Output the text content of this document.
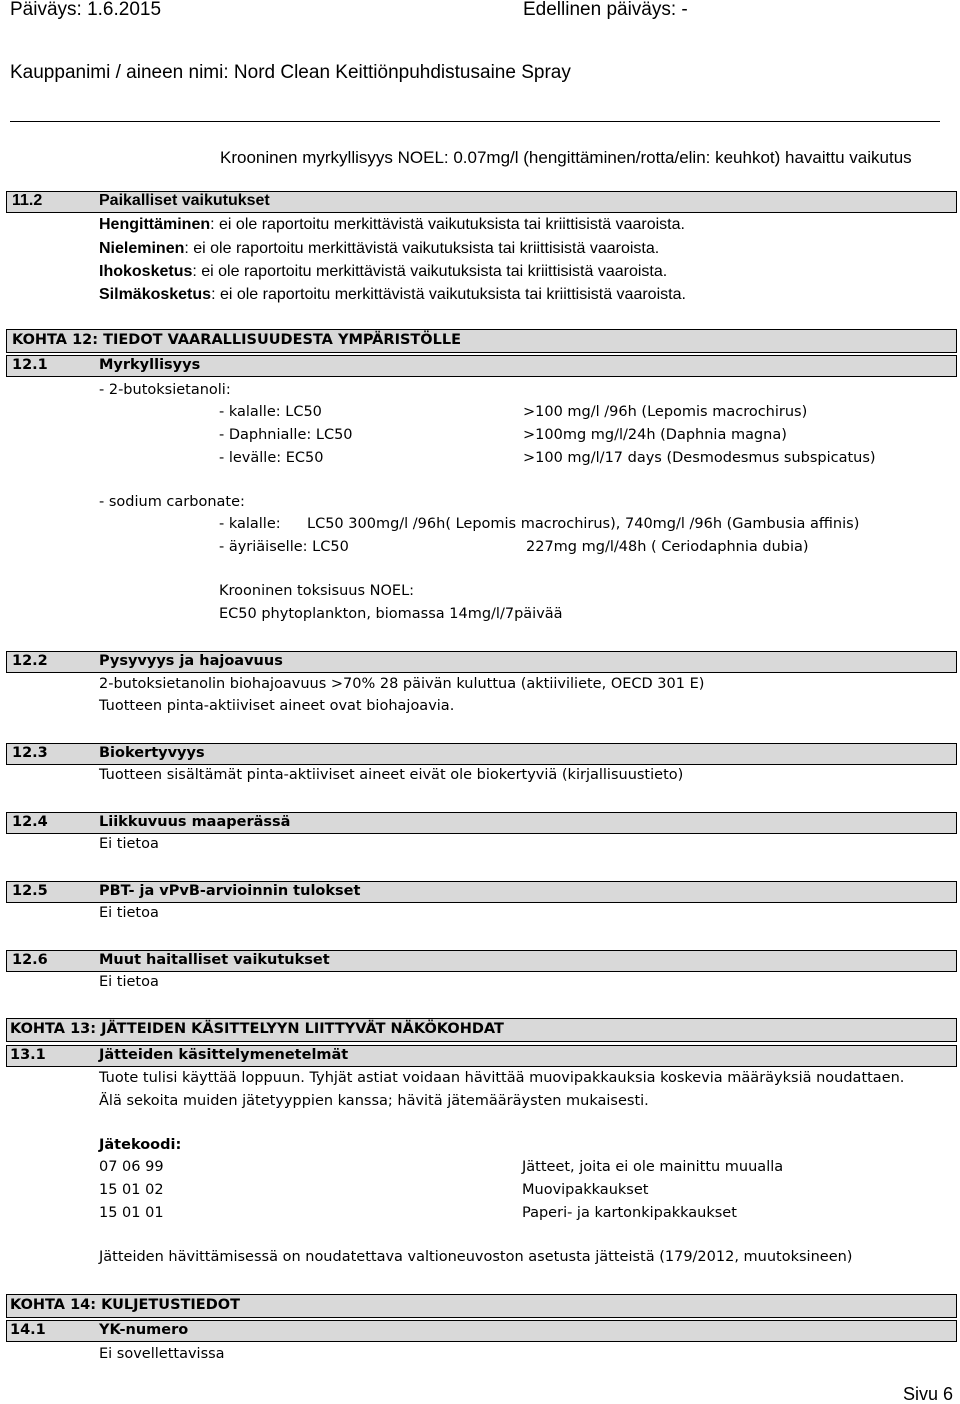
Päiväys: 1.6.2015	Edellinen päiväys: -
Kauppanimi / aineen nimi: Nord Clean Keittiönpuhdistusaine Spray
Krooninen myrkyllisyys NOEL: 0.07mg/l (hengittäminen/rotta/elin: keuhkot) havaittu vaikutus
11.2	Paikalliset vaikutukset
Hengittäminen: ei ole raportoitu merkittävistä vaikutuksista tai kriittisistä vaaroista.
Nieleminen: ei ole raportoitu merkittävistä vaikutuksista tai kriittisistä vaaroista.
Ihokosketus: ei ole raportoitu merkittävistä vaikutuksista tai kriittisistä vaaroista.
Silmäkosketus: ei ole raportoitu merkittävistä vaikutuksista tai kriittisistä vaaroista.
KOHTA 12: TIEDOT VAARALLISUUDESTA YMPÄRISTÖLLE
12.1	Myrkyllisyys
- 2-butoksietanoli:
- kalalle: LC50	>100 mg/l /96h (Lepomis macrochirus)
- Daphnialle: LC50	>100mg mg/l/24h (Daphnia magna)
- levälle: EC50	>100 mg/l/17 days (Desmodesmus subspicatus)
- sodium carbonate:
- kalalle: LC50 300mg/l /96h( Lepomis macrochirus), 740mg/l /96h (Gambusia affinis)
- äyriäiselle: LC50	227mg mg/l/48h ( Ceriodaphnia dubia)
Krooninen toksisuus NOEL:
EC50 phytoplankton, biomassa 14mg/l/7päivää
12.2	Pysyvyys ja hajoavuus
2-butoksietanolin biohajoavuus >70% 28 päivän kuluttua (aktiiviliete, OECD 301 E)
Tuotteen pinta-aktiiviset aineet ovat biohajoavia.
12.3	Biokertyvyys
Tuotteen sisältämät pinta-aktiiviset aineet eivät ole biokertyviä (kirjallisuustieto)
12.4	Liikkuvuus maaperässä
Ei tietoa
12.5	PBT- ja vPvB-arvioinnin tulokset
Ei tietoa
12.6	Muut haitalliset vaikutukset
Ei tietoa
KOHTA 13: JÄTTEIDEN KÄSITTELYYN LIITTYVÄT NÄKÖKOHDAT
13.1	Jätteiden käsittelymenetelmät
Tuote tulisi käyttää loppuun. Tyhjät astiat voidaan hävittää muovipakkauksia koskevia määräyksiä noudattaen.
Älä sekoita muiden jätetyyppien kanssa; hävitä jätemääräysten mukaisesti.
Jätekoodi:
07 06 99	Jätteet, joita ei ole mainittu muualla
15 01 02	Muovipakkaukset
15 01 01	Paperi- ja kartonkipakkaukset
Jätteiden hävittämisessä on noudatettava valtioneuvoston asetusta jätteistä (179/2012, muutoksineen)
KOHTA 14: KULJETUSTIEDOT
14.1	YK-numero
Ei sovellettavissa
Sivu 6
